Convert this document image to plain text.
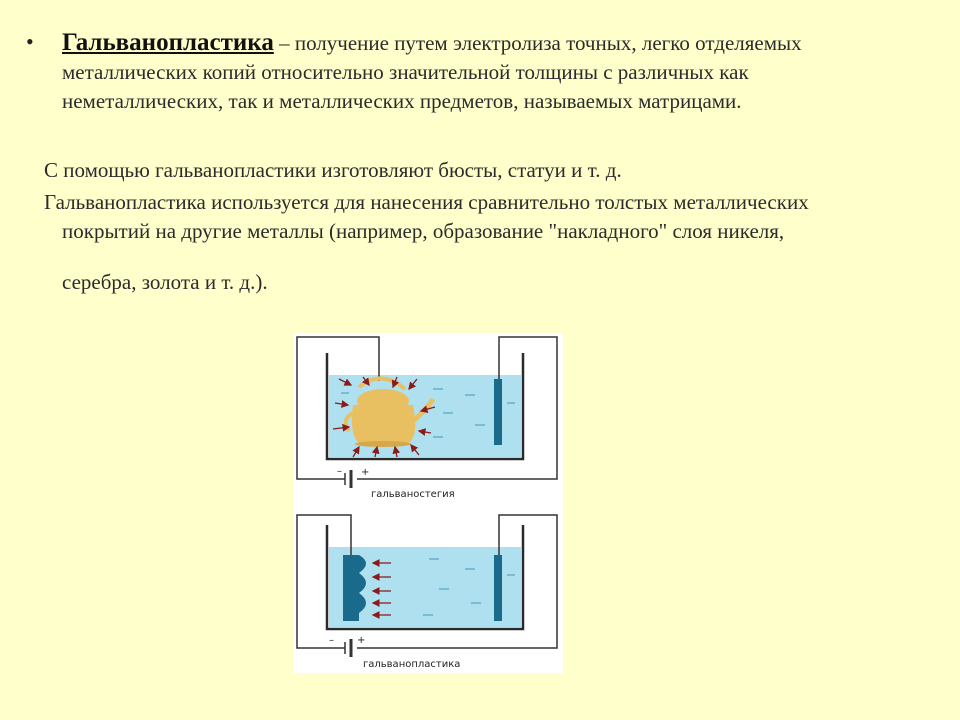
• Гальванопластика – получение путем электролиза точных, легко отделяемых металлических копий относительно значительной толщины с различных как неметаллических, так и металлических предметов, называемых матрицами.
С помощью гальванопластики изготовляют бюсты, статуи и т. д.
Гальванопластика используется для нанесения сравнительно толстых металлических
покрытий на другие металлы (например, образование "накладного" слоя никеля,
серебра, золота и т. д.).
– +
гальваностегия
– +
гальванопластика
